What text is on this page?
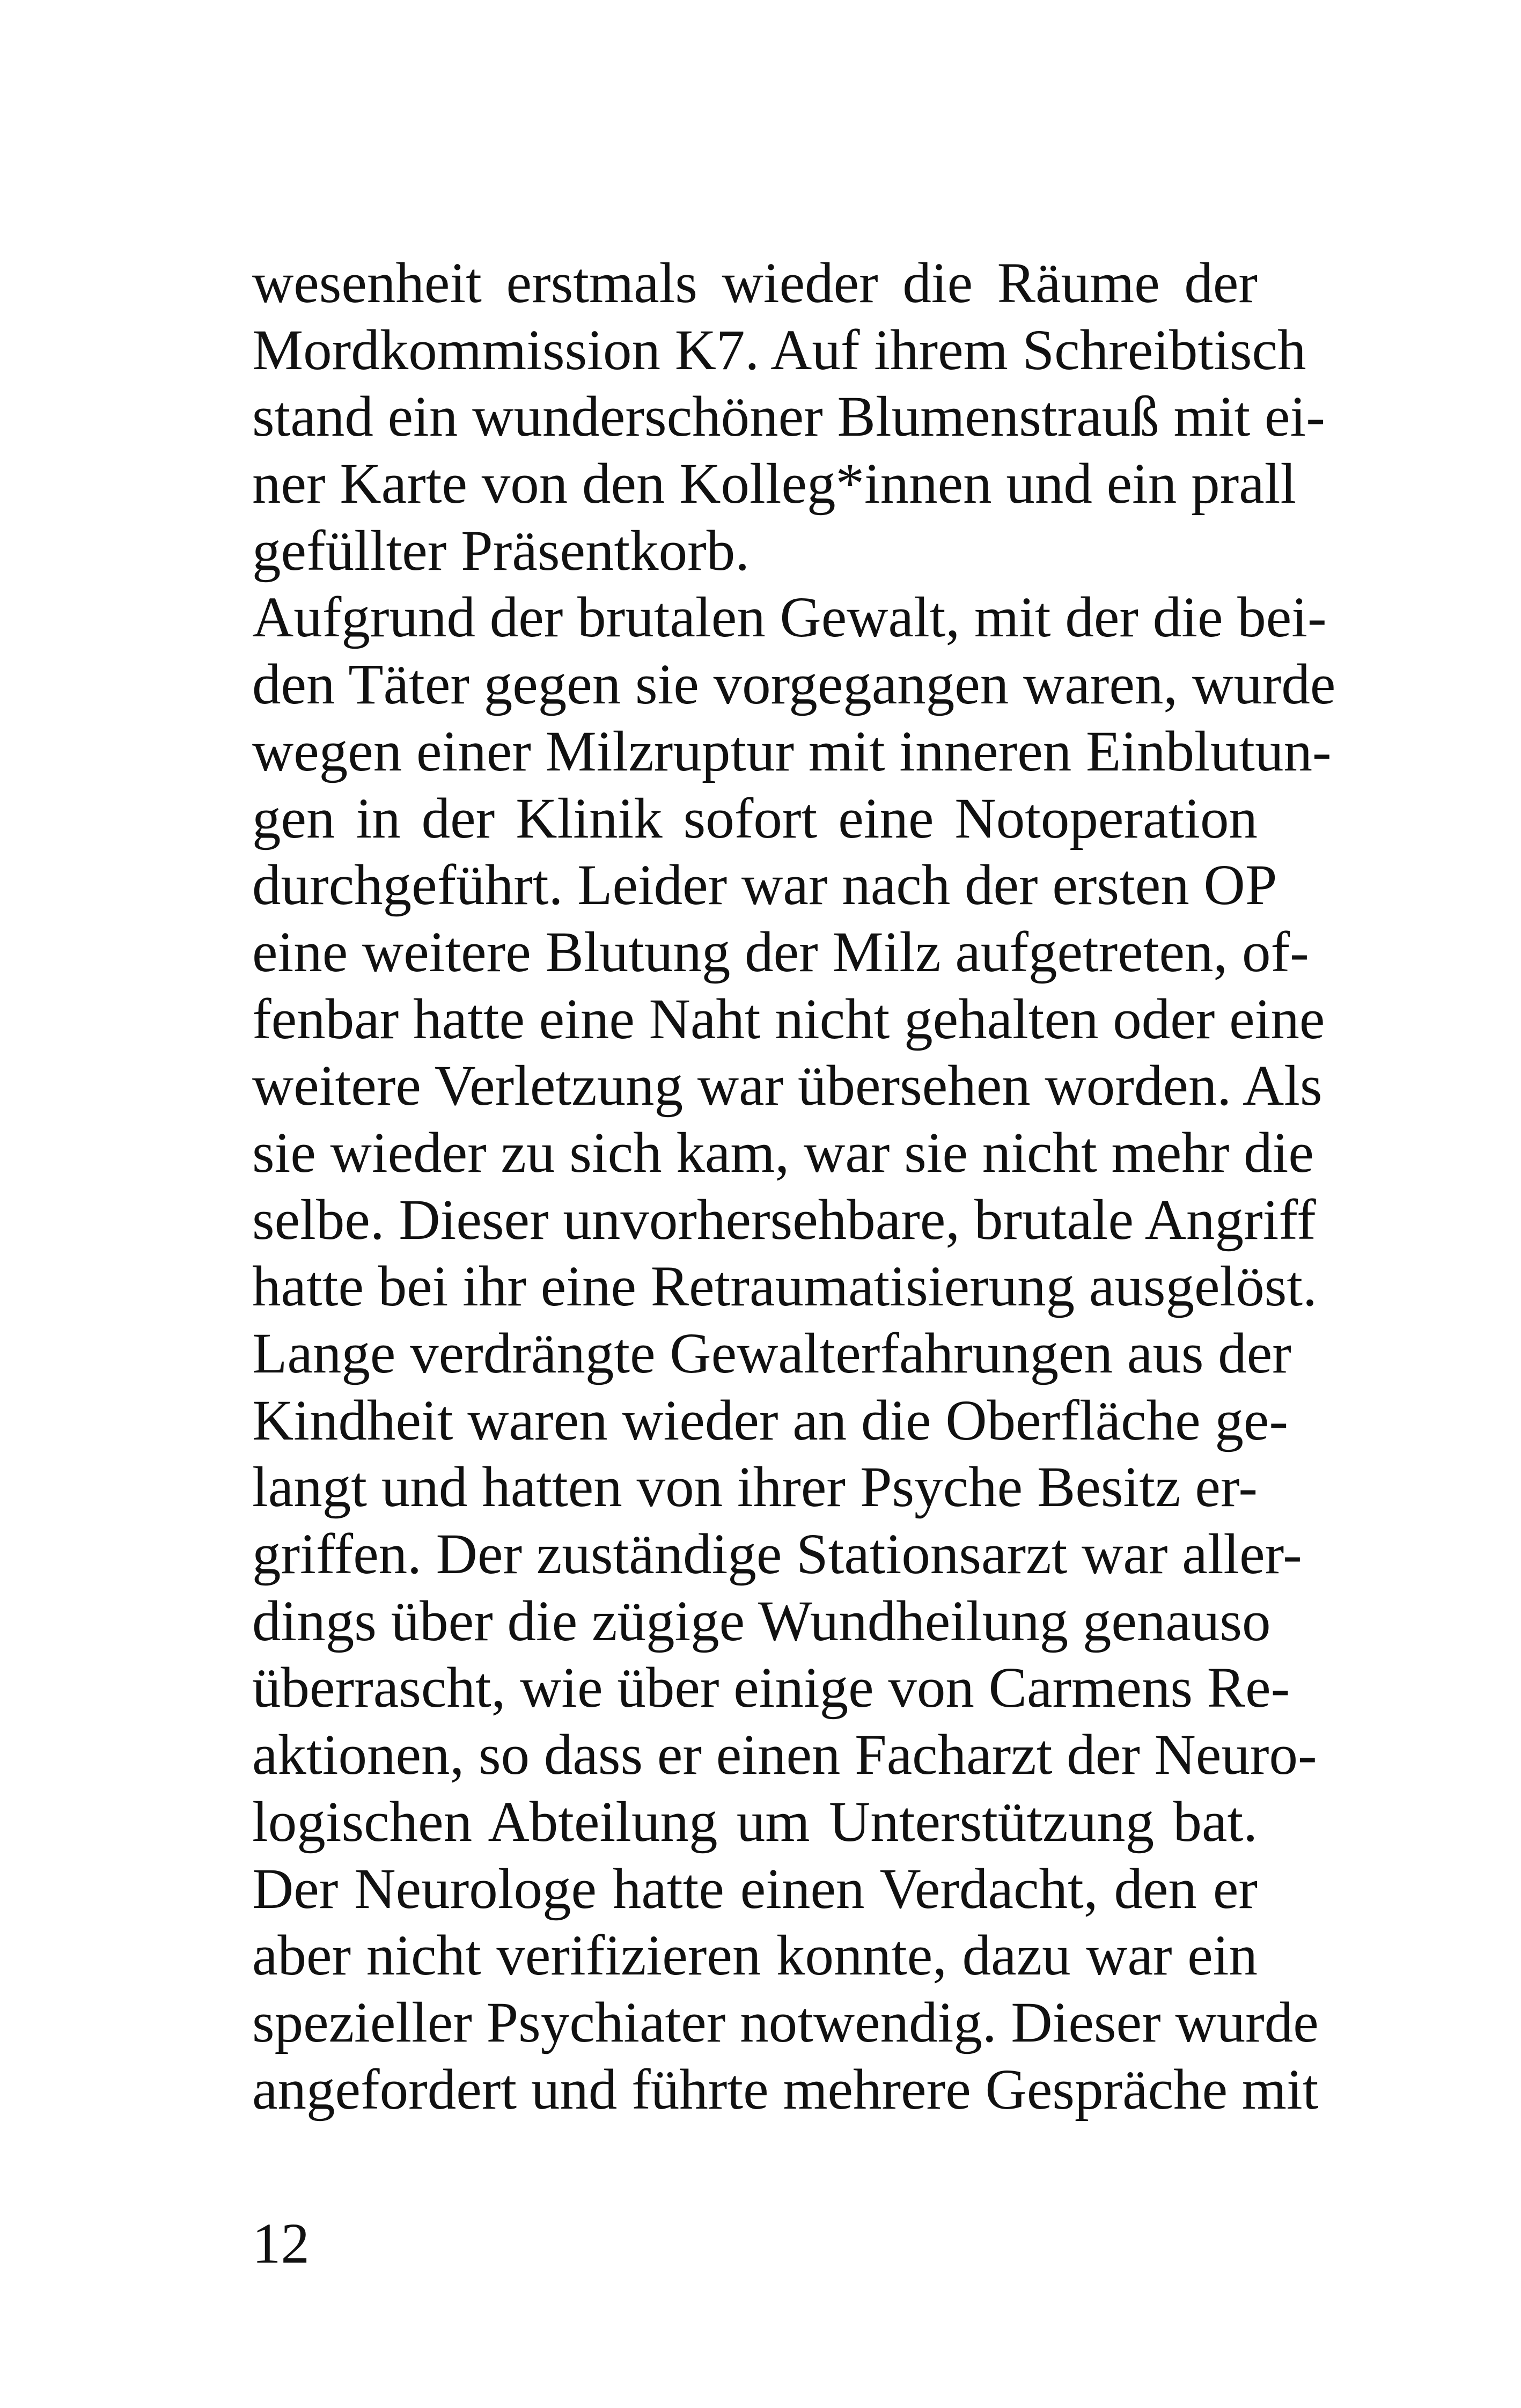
wesenheit erstmals wieder die Räume der
Mordkommission K7. Auf ihrem Schreibtisch
stand ein wunderschöner Blumenstrauß mit ei-
ner Karte von den Kolleg*innen und ein prall
gefüllter Präsentkorb.
Aufgrund der brutalen Gewalt, mit der die bei-
den Täter gegen sie vorgegangen waren, wurde
wegen einer Milzruptur mit inneren Einblutun-
gen in der Klinik sofort eine Notoperation
durchgeführt. Leider war nach der ersten OP
eine weitere Blutung der Milz aufgetreten, of-
fenbar hatte eine Naht nicht gehalten oder eine
weitere Verletzung war übersehen worden. Als
sie wieder zu sich kam, war sie nicht mehr die
selbe. Dieser unvorhersehbare, brutale Angriff
hatte bei ihr eine Retraumatisierung ausgelöst.
Lange verdrängte Gewalterfahrungen aus der
Kindheit waren wieder an die Oberfläche ge-
langt und hatten von ihrer Psyche Besitz er-
griffen. Der zuständige Stationsarzt war aller-
dings über die zügige Wundheilung genauso
überrascht, wie über einige von Carmens Re-
aktionen, so dass er einen Facharzt der Neuro-
logischen Abteilung um Unterstützung bat.
Der Neurologe hatte einen Verdacht, den er
aber nicht verifizieren konnte, dazu war ein
spezieller Psychiater notwendig. Dieser wurde
angefordert und führte mehrere Gespräche mit
12
